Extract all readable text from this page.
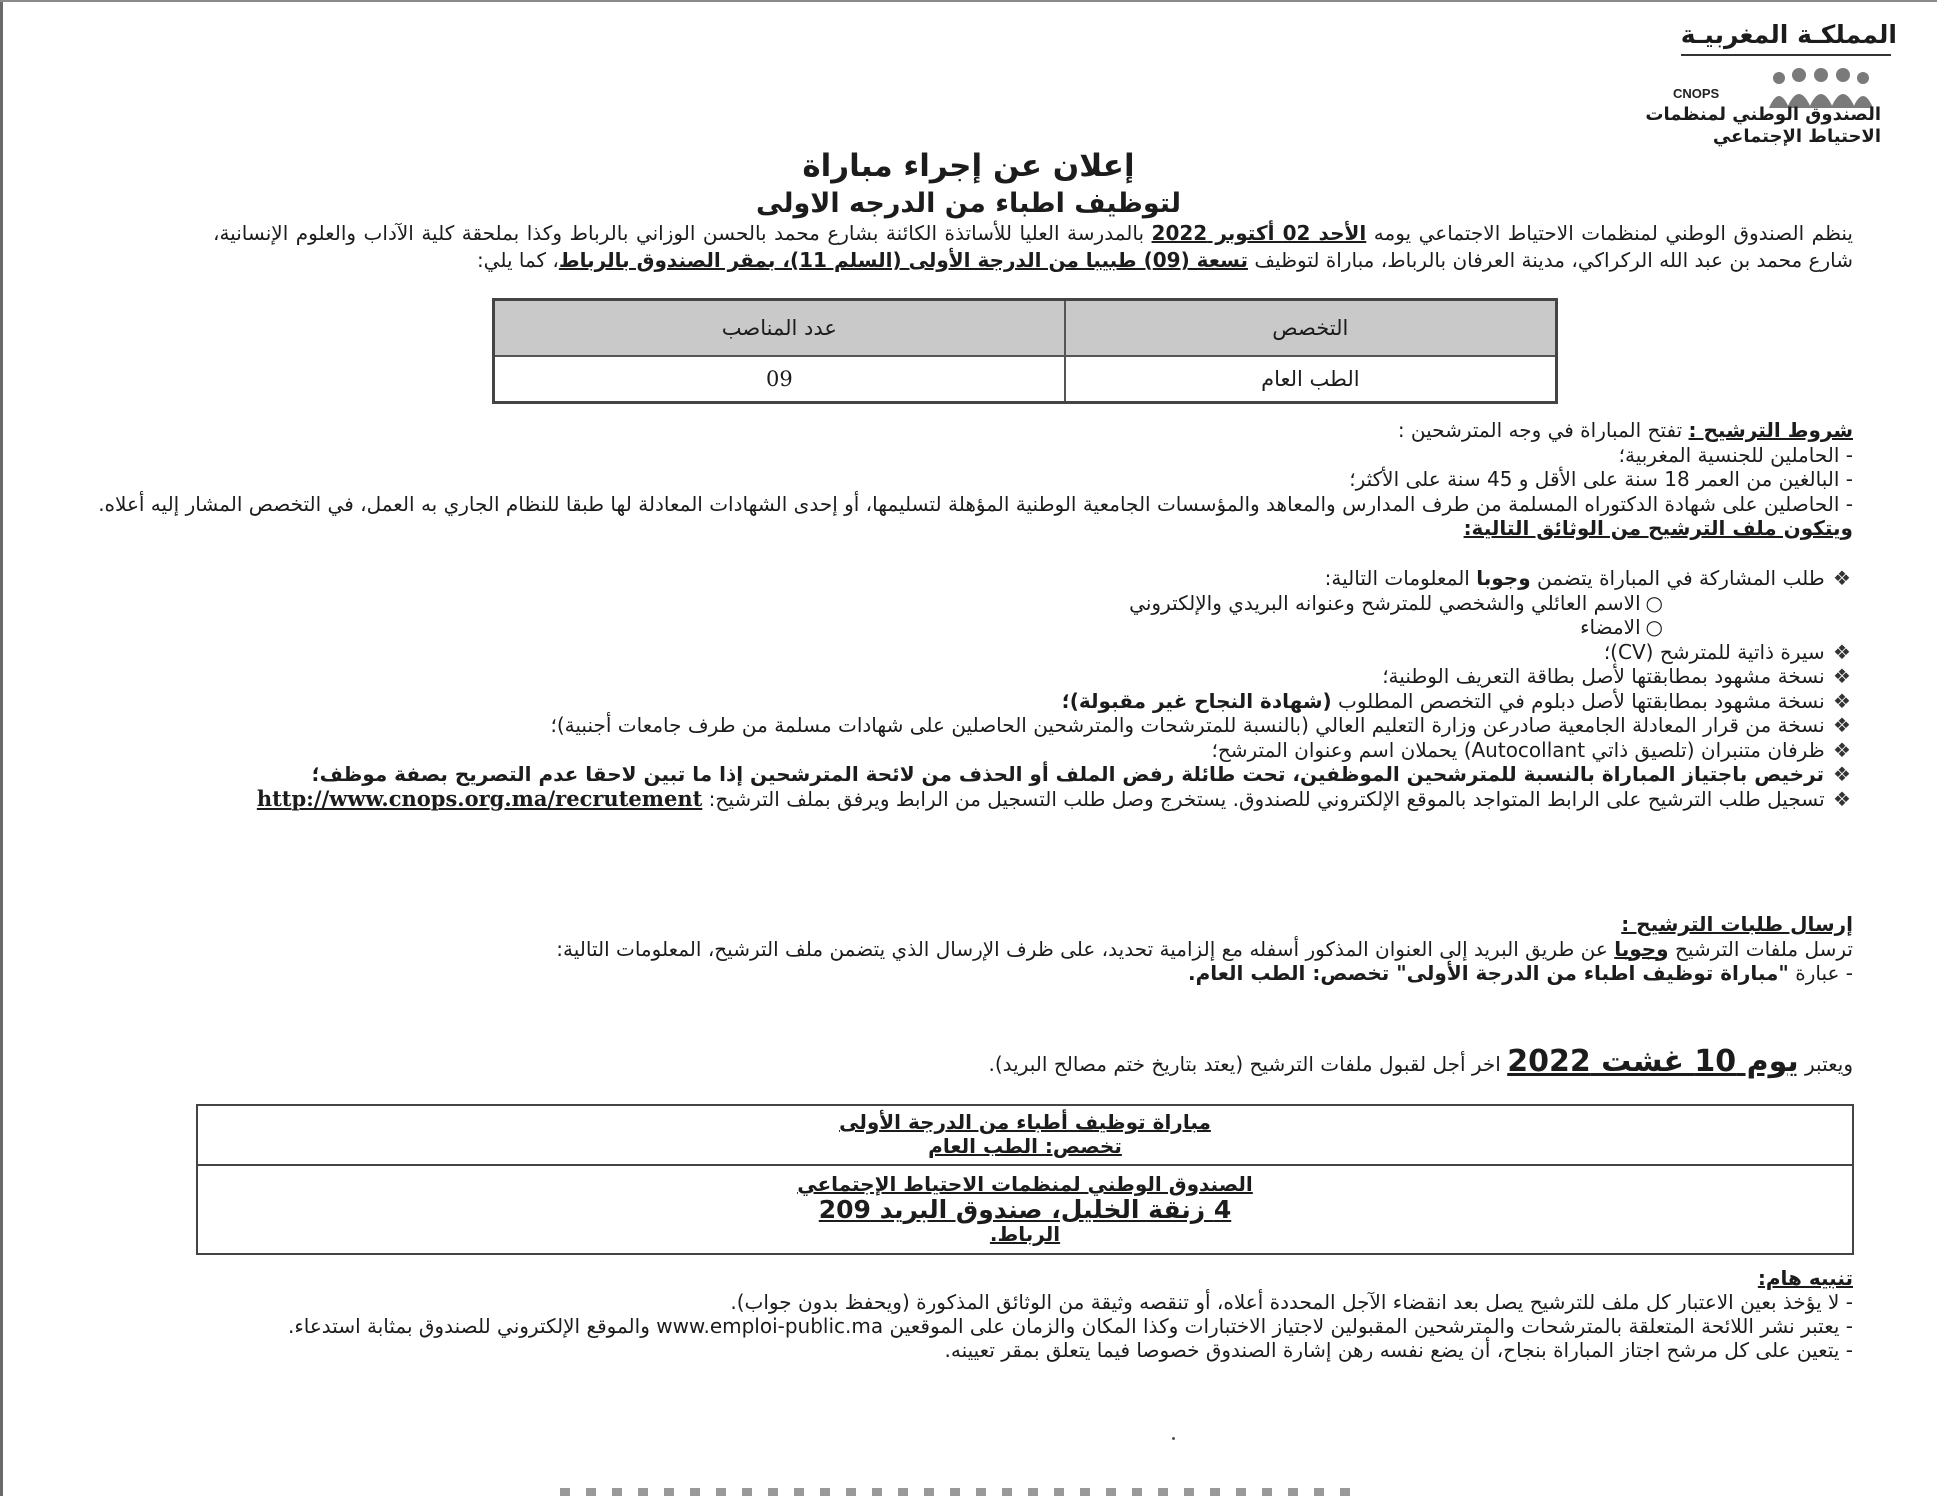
المملكـة المغربيـة
CNOPS
الصندوق الوطني لمنظمات
الاحتياط الإجتماعي
إعلان عن إجراء مباراة
لتوظيف اطباء من الدرجه الاولى
ينظم الصندوق الوطني لمنظمات الاحتياط الاجتماعي يومه الأحد 02 أكتوبر 2022 بالمدرسة العليا للأساتذة الكائنة بشارع محمد بالحسن الوزاني بالرباط وكذا بملحقة كلية الآداب والعلوم الإنسانية، شارع محمد بن عبد الله الركراكي، مدينة العرفان بالرباط، مباراة لتوظيف تسعة (09) طبيبا من الدرجة الأولى (السلم 11)، بمقر الصندوق بالرباط، كما يلي:
التخصص	عدد المناصب
الطب العام	09

شروط الترشيح : تفتح المباراة في وجه المترشحين :

- الحاملين للجنسية المغربية؛

- البالغين من العمر 18 سنة على الأقل و 45 سنة على الأكثر؛

- الحاصلين على شهادة الدكتوراه المسلمة من طرف المدارس والمعاهد والمؤسسات الجامعية الوطنية المؤهلة لتسليمها، أو إحدى الشهادات المعادلة لها طبقا للنظام الجاري به العمل، في التخصص المشار إليه أعلاه.

ويتكون ملف الترشيح من الوثائق التالية:

❖ طلب المشاركة في المباراة يتضمن وجوبا المعلومات التالية:

○ الاسم العائلي والشخصي للمترشح وعنوانه البريدي والإلكتروني

○ الامضاء

❖ سيرة ذاتية للمترشح (CV)؛

❖ نسخة مشهود بمطابقتها لأصل بطاقة التعريف الوطنية؛

❖ نسخة مشهود بمطابقتها لأصل دبلوم في التخصص المطلوب (شهادة النجاح غير مقبولة)؛

❖ نسخة من قرار المعادلة الجامعية صادرعن وزارة التعليم العالي (بالنسبة للمترشحات والمترشحين الحاصلين على شهادات مسلمة من طرف جامعات أجنبية)؛

❖ ظرفان متنبران (تلصيق ذاتي Autocollant) يحملان اسم وعنوان المترشح؛

❖ ترخيص باجتياز المباراة بالنسبة للمترشحين الموظفين، تحت طائلة رفض الملف أو الحذف من لائحة المترشحين إذا ما تبين لاحقا عدم التصريح بصفة موظف؛

❖ تسجيل طلب الترشيح على الرابط المتواجد بالموقع الإلكتروني للصندوق. يستخرج وصل طلب التسجيل من الرابط ويرفق بملف الترشيح: http://www.cnops.org.ma/recrutement

إرسال طلبات الترشيح :

ترسل ملفات الترشيح وجوبا عن طريق البريد إلى العنوان المذكور أسفله مع إلزامية تحديد، على ظرف الإرسال الذي يتضمن ملف الترشيح، المعلومات التالية:

- عبارة "مباراة توظيف اطباء من الدرجة الأولى" تخصص: الطب العام.

ويعتبر يوم 10 غشت 2022 اخر أجل لقبول ملفات الترشيح (يعتد بتاريخ ختم مصالح البريد).
مباراة توظيف أطباء من الدرجة الأولى
تخصص: الطب العام
الصندوق الوطني لمنظمات الاحتياط الإجتماعي
4 زنقة الخليل، صندوق البريد 209
الرباط.

تنبيه هام:

- لا يؤخذ بعين الاعتبار كل ملف للترشيح يصل بعد انقضاء الآجل المحددة أعلاه، أو تنقصه وثيقة من الوثائق المذكورة (ويحفظ بدون جواب).

- يعتبر نشر اللائحة المتعلقة بالمترشحات والمترشحين المقبولين لاجتياز الاختبارات وكذا المكان والزمان على الموقعين www.emploi-public.ma والموقع الإلكتروني للصندوق بمثابة استدعاء.

- يتعين على كل مرشح اجتاز المباراة بنجاح، أن يضع نفسه رهن إشارة الصندوق خصوصا فيما يتعلق بمقر تعيينه.
